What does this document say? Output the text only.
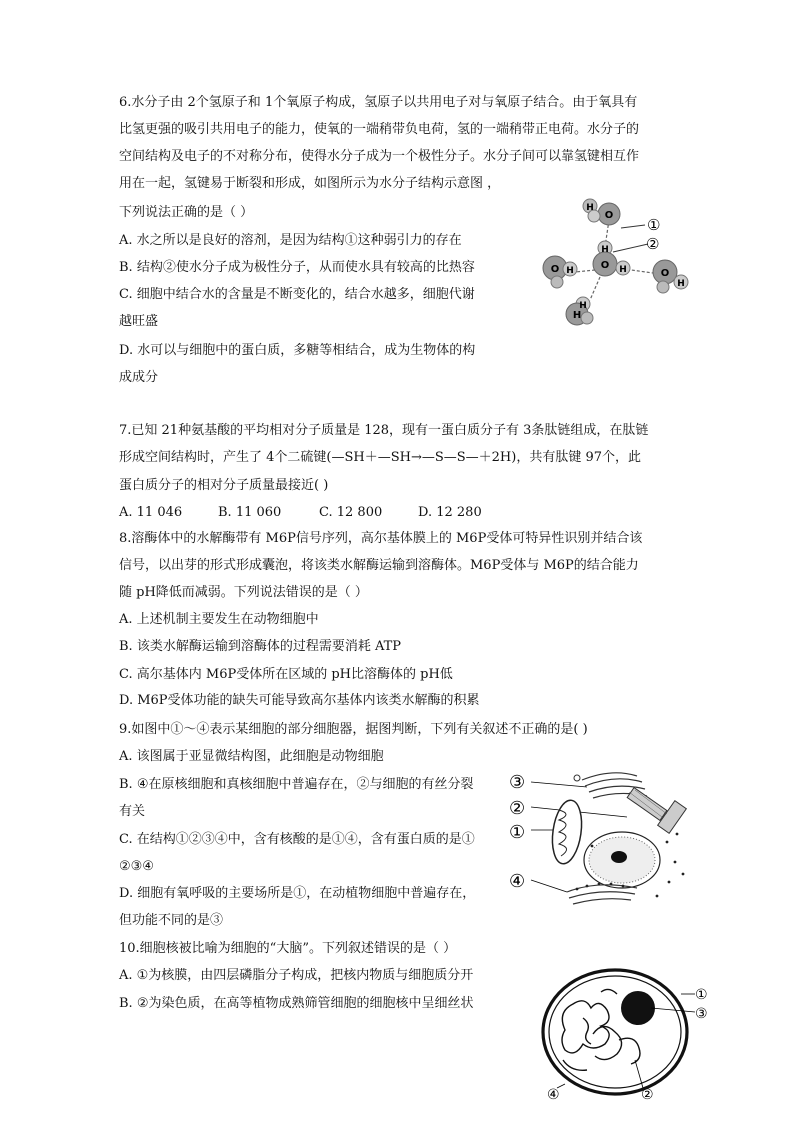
6.水分子由 2个氢原子和 1个氧原子构成，氢原子以共用电子对与氧原子结合。由于氧具有
比氢更强的吸引共用电子的能力，使氧的一端稍带负电荷，氢的一端稍带正电荷。水分子的
空间结构及电子的不对称分布，使得水分子成为一个极性分子。水分子间可以靠氢键相互作
用在一起，氢键易于断裂和形成，如图所示为水分子结构示意图 ，
下列说法正确的是（ ）
A. 水之所以是良好的溶剂，是因为结构①这种弱引力的存在
B. 结构②使水分子成为极性分子，从而使水具有较高的比热容
C. 细胞中结合水的含量是不断变化的，结合水越多，细胞代谢
越旺盛
D. 水可以与细胞中的蛋白质，多糖等相结合，成为生物体的构
成成分
①
②
H
O
H
O H
O H	O
H
H
H
7.已知 21种氨基酸的平均相对分子质量是 128，现有一蛋白质分子有 3条肽链组成，在肽链
形成空间结构时，产生了 4个二硫键(—SH＋—SH→—S—S—＋2H)，共有肽键 97个，此
蛋白质分子的相对分子质量最接近( )
A. 11 046	B. 11 060	C. 12 800	D. 12 280
8.溶酶体中的水解酶带有 M6P信号序列，高尔基体膜上的 M6P受体可特异性识别并结合该
信号，以出芽的形式形成囊泡，将该类水解酶运输到溶酶体。M6P受体与 M6P的结合能力
随 pH降低而减弱。下列说法错误的是（ ）
A. 上述机制主要发生在动物细胞中
B. 该类水解酶运输到溶酶体的过程需要消耗 ATP
C. 高尔基体内 M6P受体所在区域的 pH比溶酶体的 pH低
D. M6P受体功能的缺失可能导致高尔基体内该类水解酶的积累
9.如图中①～④表示某细胞的部分细胞器，据图判断，下列有关叙述不正确的是( )
A. 该图属于亚显微结构图，此细胞是动物细胞
B. ④在原核细胞和真核细胞中普遍存在，②与细胞的有丝分裂
有关
C. 在结构①②③④中，含有核酸的是①④，含有蛋白质的是①
②③④
D. 细胞有氧呼吸的主要场所是①，在动植物细胞中普遍存在，
但功能不同的是③
③
②
①
④
10.细胞核被比喻为细胞的“大脑”。下列叙述错误的是（ ）
A. ①为核膜，由四层磷脂分子构成，把核内物质与细胞质分开
B. ②为染色质，在高等植物成熟筛管细胞的细胞核中呈细丝状
①
③
④	②
